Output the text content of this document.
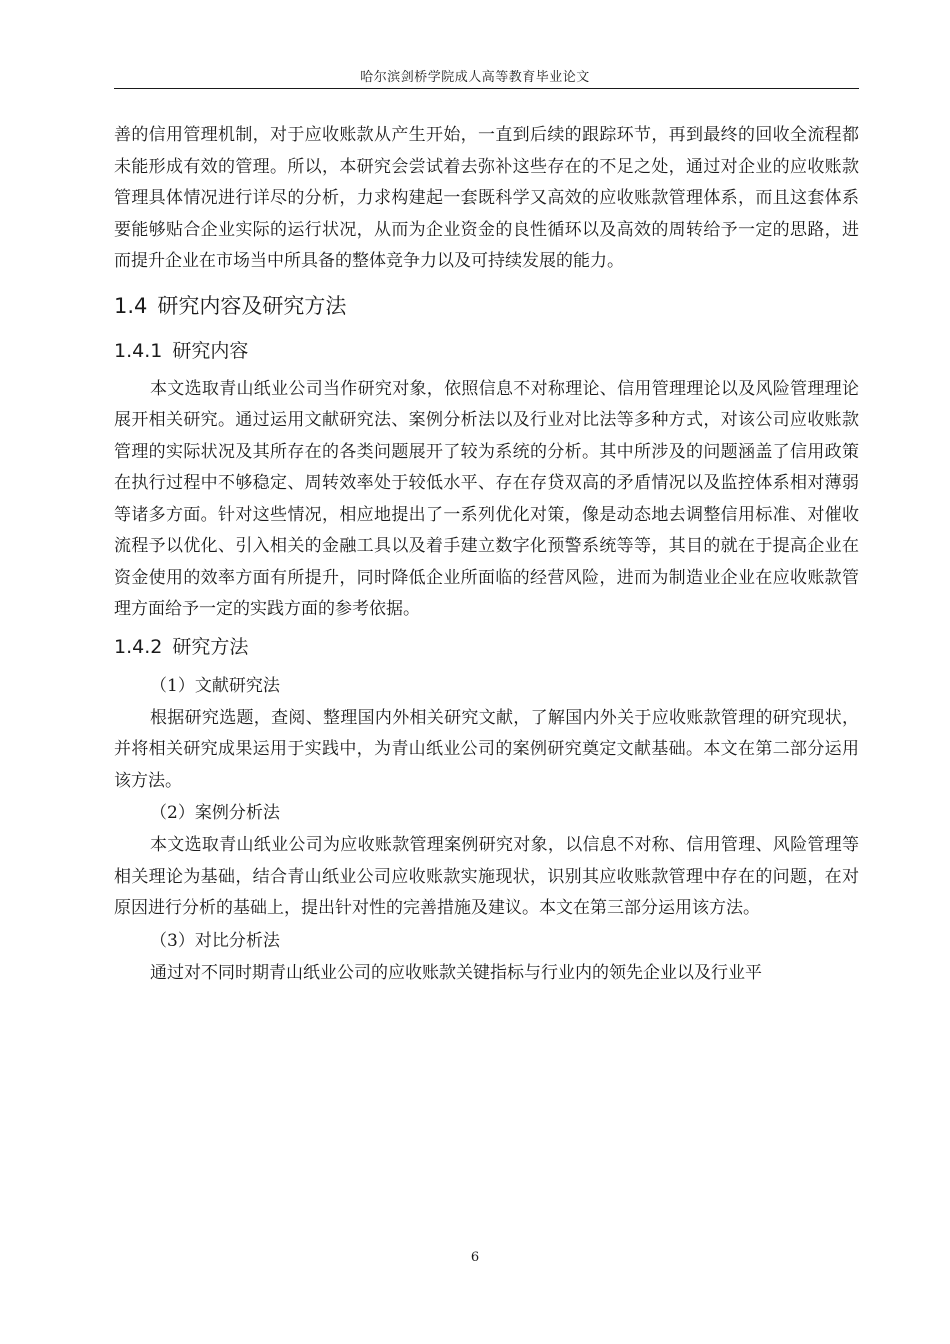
哈尔滨剑桥学院成人高等教育毕业论文

善的信用管理机制，对于应收账款从产生开始，一直到后续的跟踪环节，再到最终的回收全流程都未能形成有效的管理。所以，本研究会尝试着去弥补这些存在的不足之处，通过对企业的应收账款管理具体情况进行详尽的分析，力求构建起一套既科学又高效的应收账款管理体系，而且这套体系要能够贴合企业实际的运行状况，从而为企业资金的良性循环以及高效的周转给予一定的思路，进而提升企业在市场当中所具备的整体竞争力以及可持续发展的能力。

1.4 研究内容及研究方法
1.4.1 研究内容

本文选取青山纸业公司当作研究对象，依照信息不对称理论、信用管理理论以及风险管理理论展开相关研究。通过运用文献研究法、案例分析法以及行业对比法等多种方式，对该公司应收账款管理的实际状况及其所存在的各类问题展开了较为系统的分析。其中所涉及的问题涵盖了信用政策在执行过程中不够稳定、周转效率处于较低水平、存在存贷双高的矛盾情况以及监控体系相对薄弱等诸多方面。针对这些情况，相应地提出了一系列优化对策，像是动态地去调整信用标准、对催收流程予以优化、引入相关的金融工具以及着手建立数字化预警系统等等，其目的就在于提高企业在资金使用的效率方面有所提升，同时降低企业所面临的经营风险，进而为制造业企业在应收账款管理方面给予一定的实践方面的参考依据。

1.4.2 研究方法

（1）文献研究法

根据研究选题，查阅、整理国内外相关研究文献，了解国内外关于应收账款管理的研究现状，并将相关研究成果运用于实践中，为青山纸业公司的案例研究奠定文献基础。本文在第二部分运用该方法。

（2）案例分析法

本文选取青山纸业公司为应收账款管理案例研究对象，以信息不对称、信用管理、风险管理等相关理论为基础，结合青山纸业公司应收账款实施现状，识别其应收账款管理中存在的问题，在对原因进行分析的基础上，提出针对性的完善措施及建议。本文在第三部分运用该方法。

（3）对比分析法

通过对不同时期青山纸业公司的应收账款关键指标与行业内的领先企业以及行业平

6
